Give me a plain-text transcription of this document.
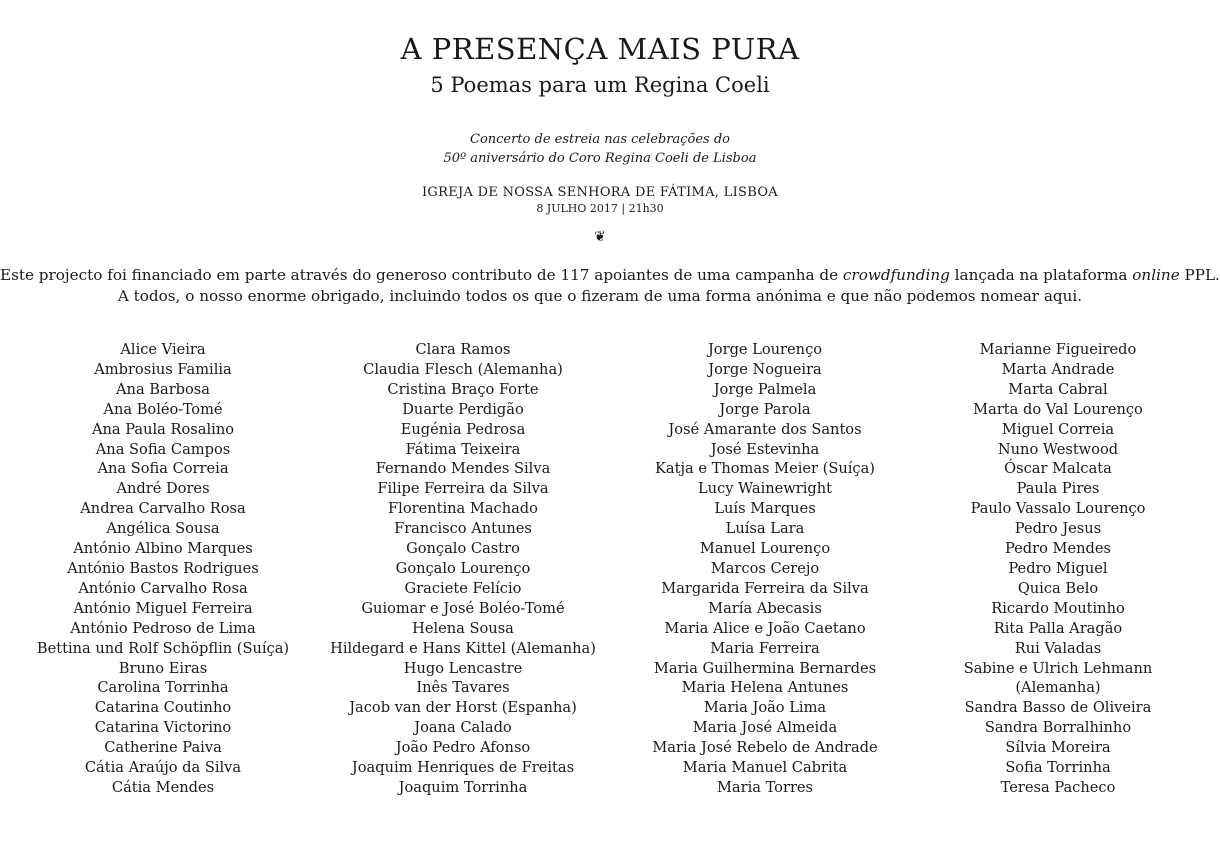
A PRESENÇA MAIS PURA
5 Poemas para um Regina Coeli
Concerto de estreia nas celebrações do
50º aniversário do Coro Regina Coeli de Lisboa
IGREJA DE NOSSA SENHORA DE FÁTIMA, LISBOA
8 JULHO 2017 | 21h30
❦
Este projecto foi financiado em parte através do generoso contributo de 117 apoiantes de uma campanha de crowdfunding lançada na plataforma online PPL.
A todos, o nosso enorme obrigado, incluindo todos os que o fizeram de uma forma anónima e que não podemos nomear aqui.
Alice Vieira
Ambrosius Familia
Ana Barbosa
Ana Boléo-Tomé
Ana Paula Rosalino
Ana Sofia Campos
Ana Sofia Correia
André Dores
Andrea Carvalho Rosa
Angélica Sousa
António Albino Marques
António Bastos Rodrigues
António Carvalho Rosa
António Miguel Ferreira
António Pedroso de Lima
Bettina und Rolf Schöpflin (Suíça)
Bruno Eiras
Carolina Torrinha
Catarina Coutinho
Catarina Victorino
Catherine Paiva
Cátia Araújo da Silva
Cátia Mendes
Clara Ramos
Claudia Flesch (Alemanha)
Cristina Braço Forte
Duarte Perdigão
Eugénia Pedrosa
Fátima Teixeira
Fernando Mendes Silva
Filipe Ferreira da Silva
Florentina Machado
Francisco Antunes
Gonçalo Castro
Gonçalo Lourenço
Graciete Felício
Guiomar e José Boléo-Tomé
Helena Sousa
Hildegard e Hans Kittel (Alemanha)
Hugo Lencastre
Inês Tavares
Jacob van der Horst (Espanha)
Joana Calado
João Pedro Afonso
Joaquim Henriques de Freitas
Joaquim Torrinha
Jorge Lourenço
Jorge Nogueira
Jorge Palmela
Jorge Parola
José Amarante dos Santos
José Estevinha
Katja e Thomas Meier (Suíça)
Lucy Wainewright
Luís Marques
Luísa Lara
Manuel Lourenço
Marcos Cerejo
Margarida Ferreira da Silva
María Abecasis
Maria Alice e João Caetano
Maria Ferreira
Maria Guilhermina Bernardes
Maria Helena Antunes
Maria João Lima
Maria José Almeida
Maria José Rebelo de Andrade
Maria Manuel Cabrita
Maria Torres
Marianne Figueiredo
Marta Andrade
Marta Cabral
Marta do Val Lourenço
Miguel Correia
Nuno Westwood
Óscar Malcata
Paula Pires
Paulo Vassalo Lourenço
Pedro Jesus
Pedro Mendes
Pedro Miguel
Quica Belo
Ricardo Moutinho
Rita Palla Aragão
Rui Valadas
Sabine e Ulrich Lehmann
(Alemanha)
Sandra Basso de Oliveira
Sandra Borralhinho
Sílvia Moreira
Sofia Torrinha
Teresa Pacheco
